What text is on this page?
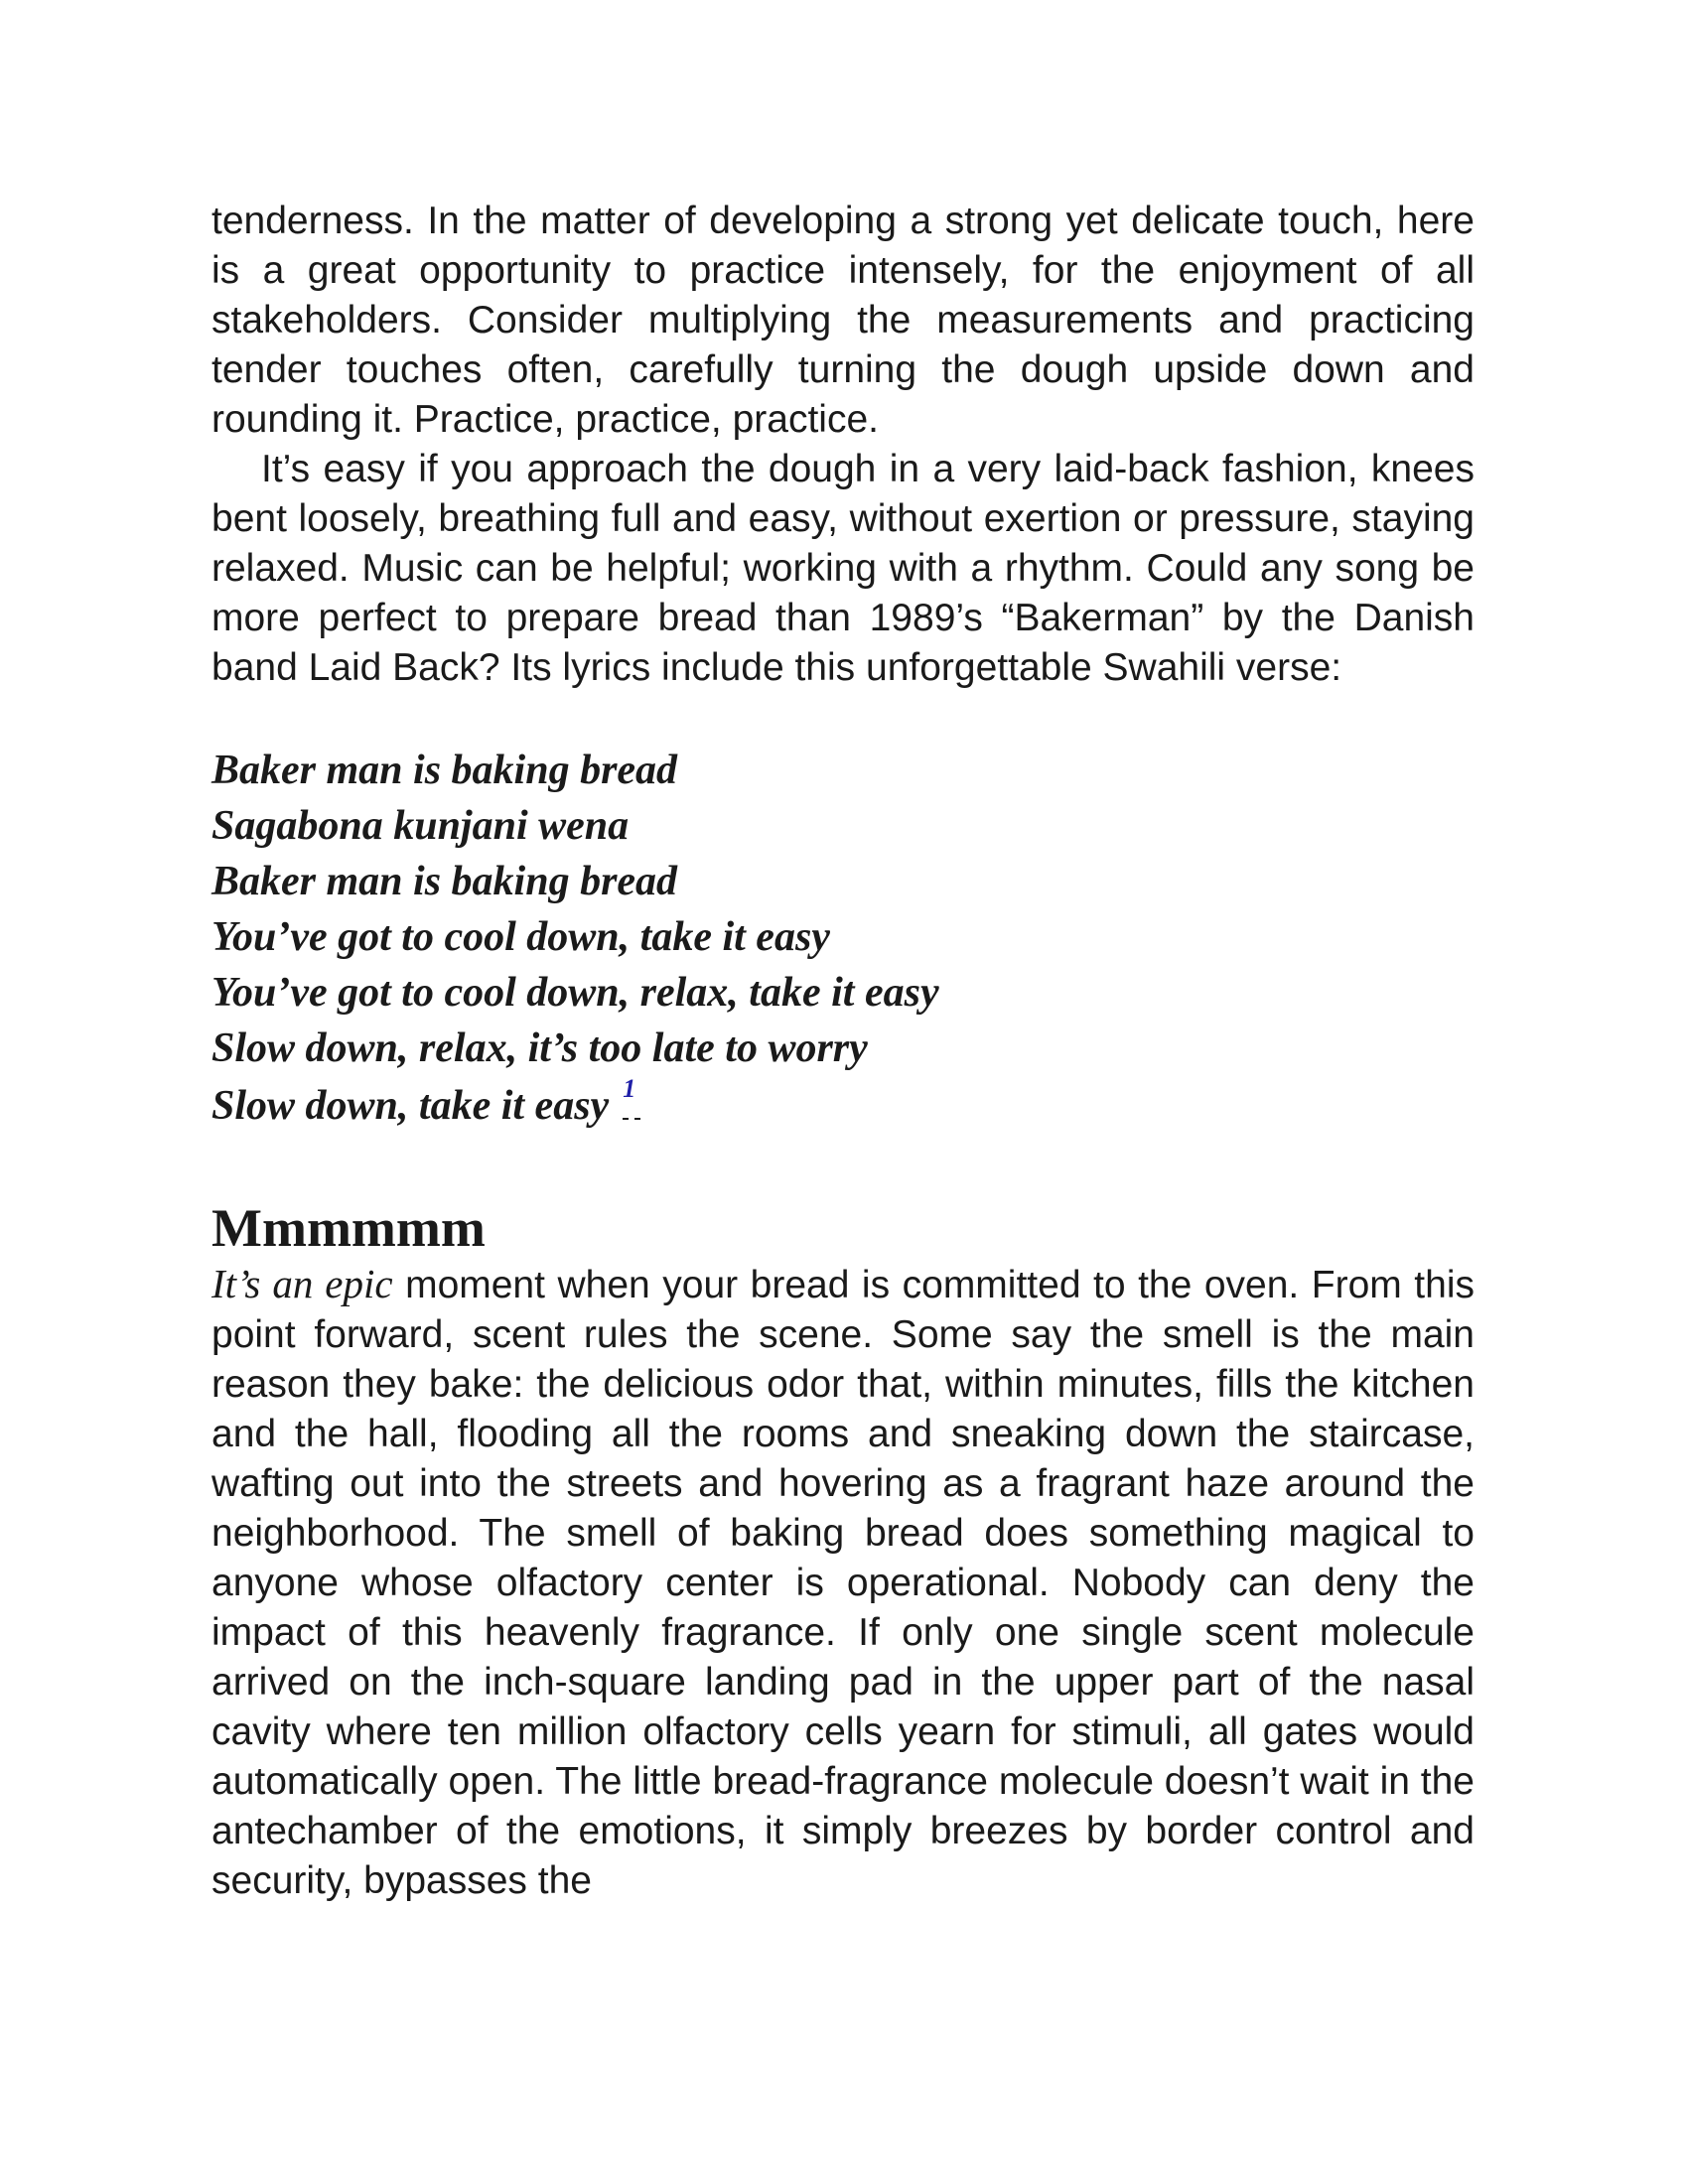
tenderness. In the matter of developing a strong yet delicate touch, here is a great opportunity to practice intensely, for the enjoyment of all stakeholders. Consider multiplying the measurements and practicing tender touches often, carefully turning the dough upside down and rounding it. Practice, practice, practice.

It’s easy if you approach the dough in a very laid-back fashion, knees bent loosely, breathing full and easy, without exertion or pressure, staying relaxed. Music can be helpful; working with a rhythm. Could any song be more perfect to prepare bread than 1989’s “Bakerman” by the Danish band Laid Back? Its lyrics include this unforgettable Swahili verse:

Baker man is baking bread
Sagabona kunjani wena
Baker man is baking bread
You’ve got to cool down, take it easy
You’ve got to cool down, relax, take it easy
Slow down, relax, it’s too late to worry
Slow down, take it easy 1
Mmmmmm

It’s an epic moment when your bread is committed to the oven. From this point forward, scent rules the scene. Some say the smell is the main reason they bake: the delicious odor that, within minutes, fills the kitchen and the hall, flooding all the rooms and sneaking down the staircase, wafting out into the streets and hovering as a fragrant haze around the neighborhood. The smell of baking bread does something magical to anyone whose olfactory center is operational. Nobody can deny the impact of this heavenly fragrance. If only one single scent molecule arrived on the inch-square landing pad in the upper part of the nasal cavity where ten million olfactory cells yearn for stimuli, all gates would automatically open. The little bread-fragrance molecule doesn’t wait in the antechamber of the emotions, it simply breezes by border control and security, bypasses the
